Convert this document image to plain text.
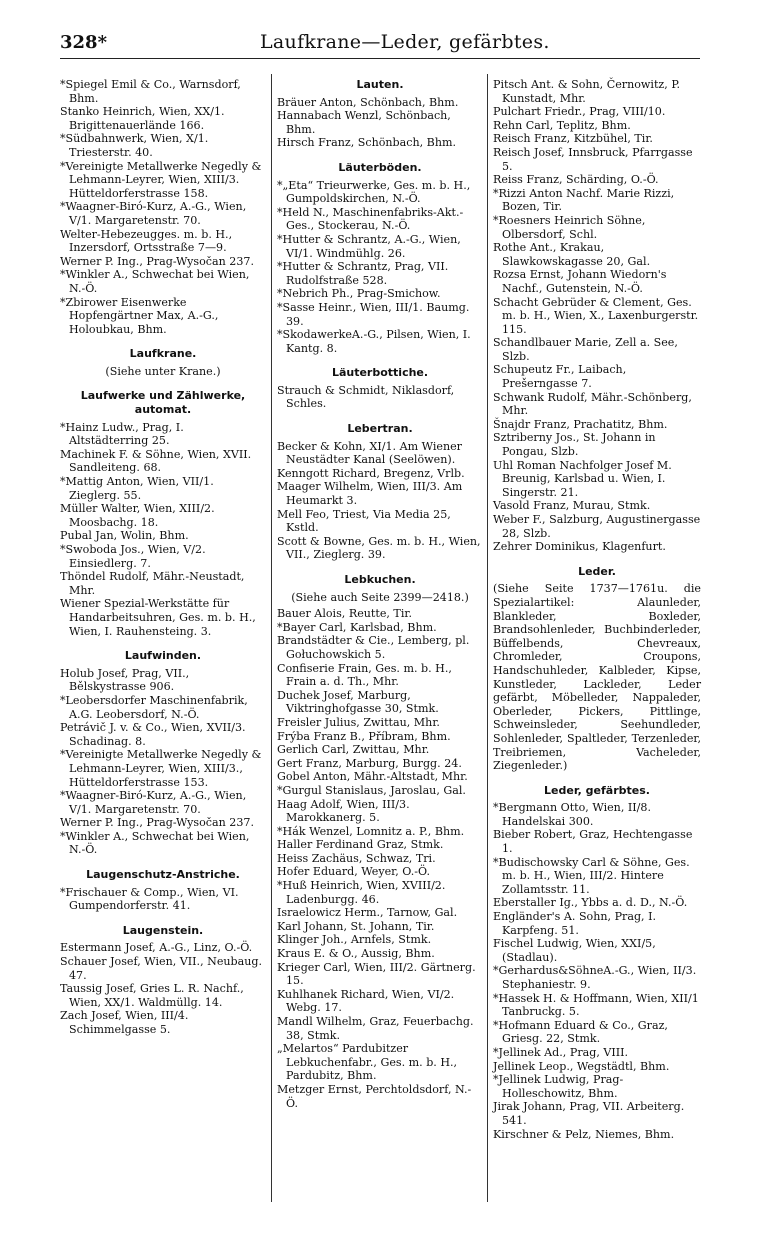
328*	Laufkrane—Leder, gefärbtes.

*Spiegel Emil & Co., Warnsdorf, Bhm.

Stanko Heinrich, Wien, XX/1. Brigittenauerlände 166.

*Südbahnwerk, Wien, X/1. Triesterstr. 40.

*Vereinigte Metallwerke Negedly & Lehmann-Leyrer, Wien, XIII/3. Hütteldorferstrasse 158.

*Waagner-Biró-Kurz, A.-G., Wien, V/1. Margaretenstr. 70.

Welter-Hebezeugges. m. b. H., Inzersdorf, Ortsstraße 7—9.

Werner P. Ing., Prag-Wysočan 237.

*Winkler A., Schwechat bei Wien, N.-Ö.

*Zbirower Eisenwerke Hopfengärtner Max, A.-G., Holoubkau, Bhm.

Laufkrane.
(Siehe unter Krane.)
Laufwerke und Zählwerke, automat.

*Hainz Ludw., Prag, I. Altstädterring 25.

Machinek F. & Söhne, Wien, XVII. Sandleiteng. 68.

*Mattig Anton, Wien, VII/1. Zieglerg. 55.

Müller Walter, Wien, XIII/2. Moosbachg. 18.

Pubal Jan, Wolin, Bhm.

*Swoboda Jos., Wien, V/2. Einsiedlerg. 7.

Thöndel Rudolf, Mähr.-Neustadt, Mhr.

Wiener Spezial-Werkstätte für Handarbeitsuhren, Ges. m. b. H., Wien, I. Rauhensteing. 3.

Laufwinden.

Holub Josef, Prag, VII., Bělskystrasse 906.

*Leobersdorfer Maschinenfabrik, A.G. Leobersdorf, N.-Ö.

Petrávič J. v. & Co., Wien, XVII/3. Schadinag. 8.

*Vereinigte Metallwerke Negedly & Lehmann-Leyrer, Wien, XIII/3., Hütteldorferstrasse 153.

*Waagner-Biró-Kurz, A.-G., Wien, V/1. Margaretenstr. 70.

Werner P. Ing., Prag-Wysočan 237.

*Winkler A., Schwechat bei Wien, N.-Ö.

Laugenschutz-Anstriche.

*Frischauer & Comp., Wien, VI. Gumpendorferstr. 41.

Laugenstein.

Estermann Josef, A.-G., Linz, O.-Ö.

Schauer Josef, Wien, VII., Neubaug. 47.

Taussig Josef, Gries L. R. Nachf., Wien, XX/1. Waldmüllg. 14.

Zach Josef, Wien, III/4. Schimmelgasse 5.

Lauten.

Bräuer Anton, Schönbach, Bhm.

Hannabach Wenzl, Schönbach, Bhm.

Hirsch Franz, Schönbach, Bhm.

Läuterböden.

*„Eta“ Trieurwerke, Ges. m. b. H., Gumpoldskirchen, N.-Ö.

*Held N., Maschinenfabriks-Akt.-Ges., Stockerau, N.-Ö.

*Hutter & Schrantz, A.-G., Wien, VI/1. Windmühlg. 26.

*Hutter & Schrantz, Prag, VII. Rudolfstraße 528.

*Nebrich Ph., Prag-Smichow.

*Sasse Heinr., Wien, III/1. Baumg. 39.

*SkodawerkeA.-G., Pilsen, Wien, I. Kantg. 8.

Läuterbottiche.

Strauch & Schmidt, Niklasdorf, Schles.

Lebertran.

Becker & Kohn, XI/1. Am Wiener Neustädter Kanal (Seelöwen).

Kenngott Richard, Bregenz, Vrlb.

Maager Wilhelm, Wien, III/3. Am Heumarkt 3.

Mell Feo, Triest, Via Media 25, Kstld.

Scott & Bowne, Ges. m. b. H., Wien, VII., Zieglerg. 39.

Lebkuchen.
(Siehe auch Seite 2399—2418.)

Bauer Alois, Reutte, Tir.

*Bayer Carl, Karlsbad, Bhm.

Brandstädter & Cie., Lemberg, pl. Gołuchowskich 5.

Confiserie Frain, Ges. m. b. H., Frain a. d. Th., Mhr.

Duchek Josef, Marburg, Viktringhofgasse 30, Stmk.

Freisler Julius, Zwittau, Mhr.

Frýba Franz B., Příbram, Bhm.

Gerlich Carl, Zwittau, Mhr.

Gert Franz, Marburg, Burgg. 24.

Gobel Anton, Mähr.-Altstadt, Mhr.

*Gurgul Stanislaus, Jaroslau, Gal.

Haag Adolf, Wien, III/3. Marokkanerg. 5.

*Hák Wenzel, Lomnitz a. P., Bhm.

Haller Ferdinand Graz, Stmk.

Heiss Zachäus, Schwaz, Tri.

Hofer Eduard, Weyer, O.-Ö.

*Huß Heinrich, Wien, XVIII/2. Ladenburgg. 46.

Israelowicz Herm., Tarnow, Gal.

Karl Johann, St. Johann, Tir.

Klinger Joh., Arnfels, Stmk.

Kraus E. & O., Aussig, Bhm.

Krieger Carl, Wien, III/2. Gärtnerg. 15.

Kuhlhanek Richard, Wien, VI/2. Webg. 17.

Mandl Wilhelm, Graz, Feuerbachg. 38, Stmk.

„Melartos“ Pardubitzer Lebkuchenfabr., Ges. m. b. H., Pardubitz, Bhm.

Metzger Ernst, Perchtoldsdorf, N.-Ö.

Pitsch Ant. & Sohn, Černowitz, P. Kunstadt, Mhr.

Pulchart Friedr., Prag, VIII/10.

Rehn Carl, Teplitz, Bhm.

Reisch Franz, Kitzbühel, Tir.

Reisch Josef, Innsbruck, Pfarrgasse 5.

Reiss Franz, Schärding, O.-Ö.

*Rizzi Anton Nachf. Marie Rizzi, Bozen, Tir.

*Roesners Heinrich Söhne, Olbersdorf, Schl.

Rothe Ant., Krakau, Slawkowskagasse 20, Gal.

Rozsa Ernst, Johann Wiedorn's Nachf., Gutenstein, N.-Ö.

Schacht Gebrüder & Clement, Ges. m. b. H., Wien, X., Laxenburgerstr. 115.

Schandlbauer Marie, Zell a. See, Slzb.

Schupeutz Fr., Laibach, Prešerngasse 7.

Schwank Rudolf, Mähr.-Schönberg, Mhr.

Šnajdr Franz, Prachatitz, Bhm.

Sztriberny Jos., St. Johann in Pongau, Slzb.

Uhl Roman Nachfolger Josef M. Breunig, Karlsbad u. Wien, I. Singerstr. 21.

Vasold Franz, Murau, Stmk.

Weber F., Salzburg, Augustinergasse 28, Slzb.

Zehrer Dominikus, Klagenfurt.

Leder.
(Siehe Seite 1737—1761u. die Spezialartikel: Alaunleder, Blankleder, Boxleder, Brandsohlenleder, Buchbinderleder, Büffelbends, Chevreaux, Chromleder, Croupons, Handschuhleder, Kalbleder, Kipse, Kunstleder, Lackleder, Leder gefärbt, Möbelleder, Nappaleder, Oberleder, Pickers, Pittlinge, Schweinsleder, Seehundleder, Sohlenleder, Spaltleder, Terzenleder, Treibriemen, Vacheleder, Ziegenleder.)
Leder, gefärbtes.

*Bergmann Otto, Wien, II/8. Handelskai 300.

Bieber Robert, Graz, Hechtengasse 1.

*Budischowsky Carl & Söhne, Ges. m. b. H., Wien, III/2. Hintere Zollamtsstr. 11.

Eberstaller Ig., Ybbs a. d. D., N.-Ö.

Engländer's A. Sohn, Prag, I. Karpfeng. 51.

Fischel Ludwig, Wien, XXI/5, (Stadlau).

*Gerhardus&SöhneA.-G., Wien, II/3. Stephaniestr. 9.

*Hassek H. & Hoffmann, Wien, XII/1 Tanbruckg. 5.

*Hofmann Eduard & Co., Graz, Griesg. 22, Stmk.

*Jellinek Ad., Prag, VIII.

Jellinek Leop., Wegstädtl, Bhm.

*Jellinek Ludwig, Prag-Holleschowitz, Bhm.

Jirak Johann, Prag, VII. Arbeiterg. 541.

Kirschner & Pelz, Niemes, Bhm.
